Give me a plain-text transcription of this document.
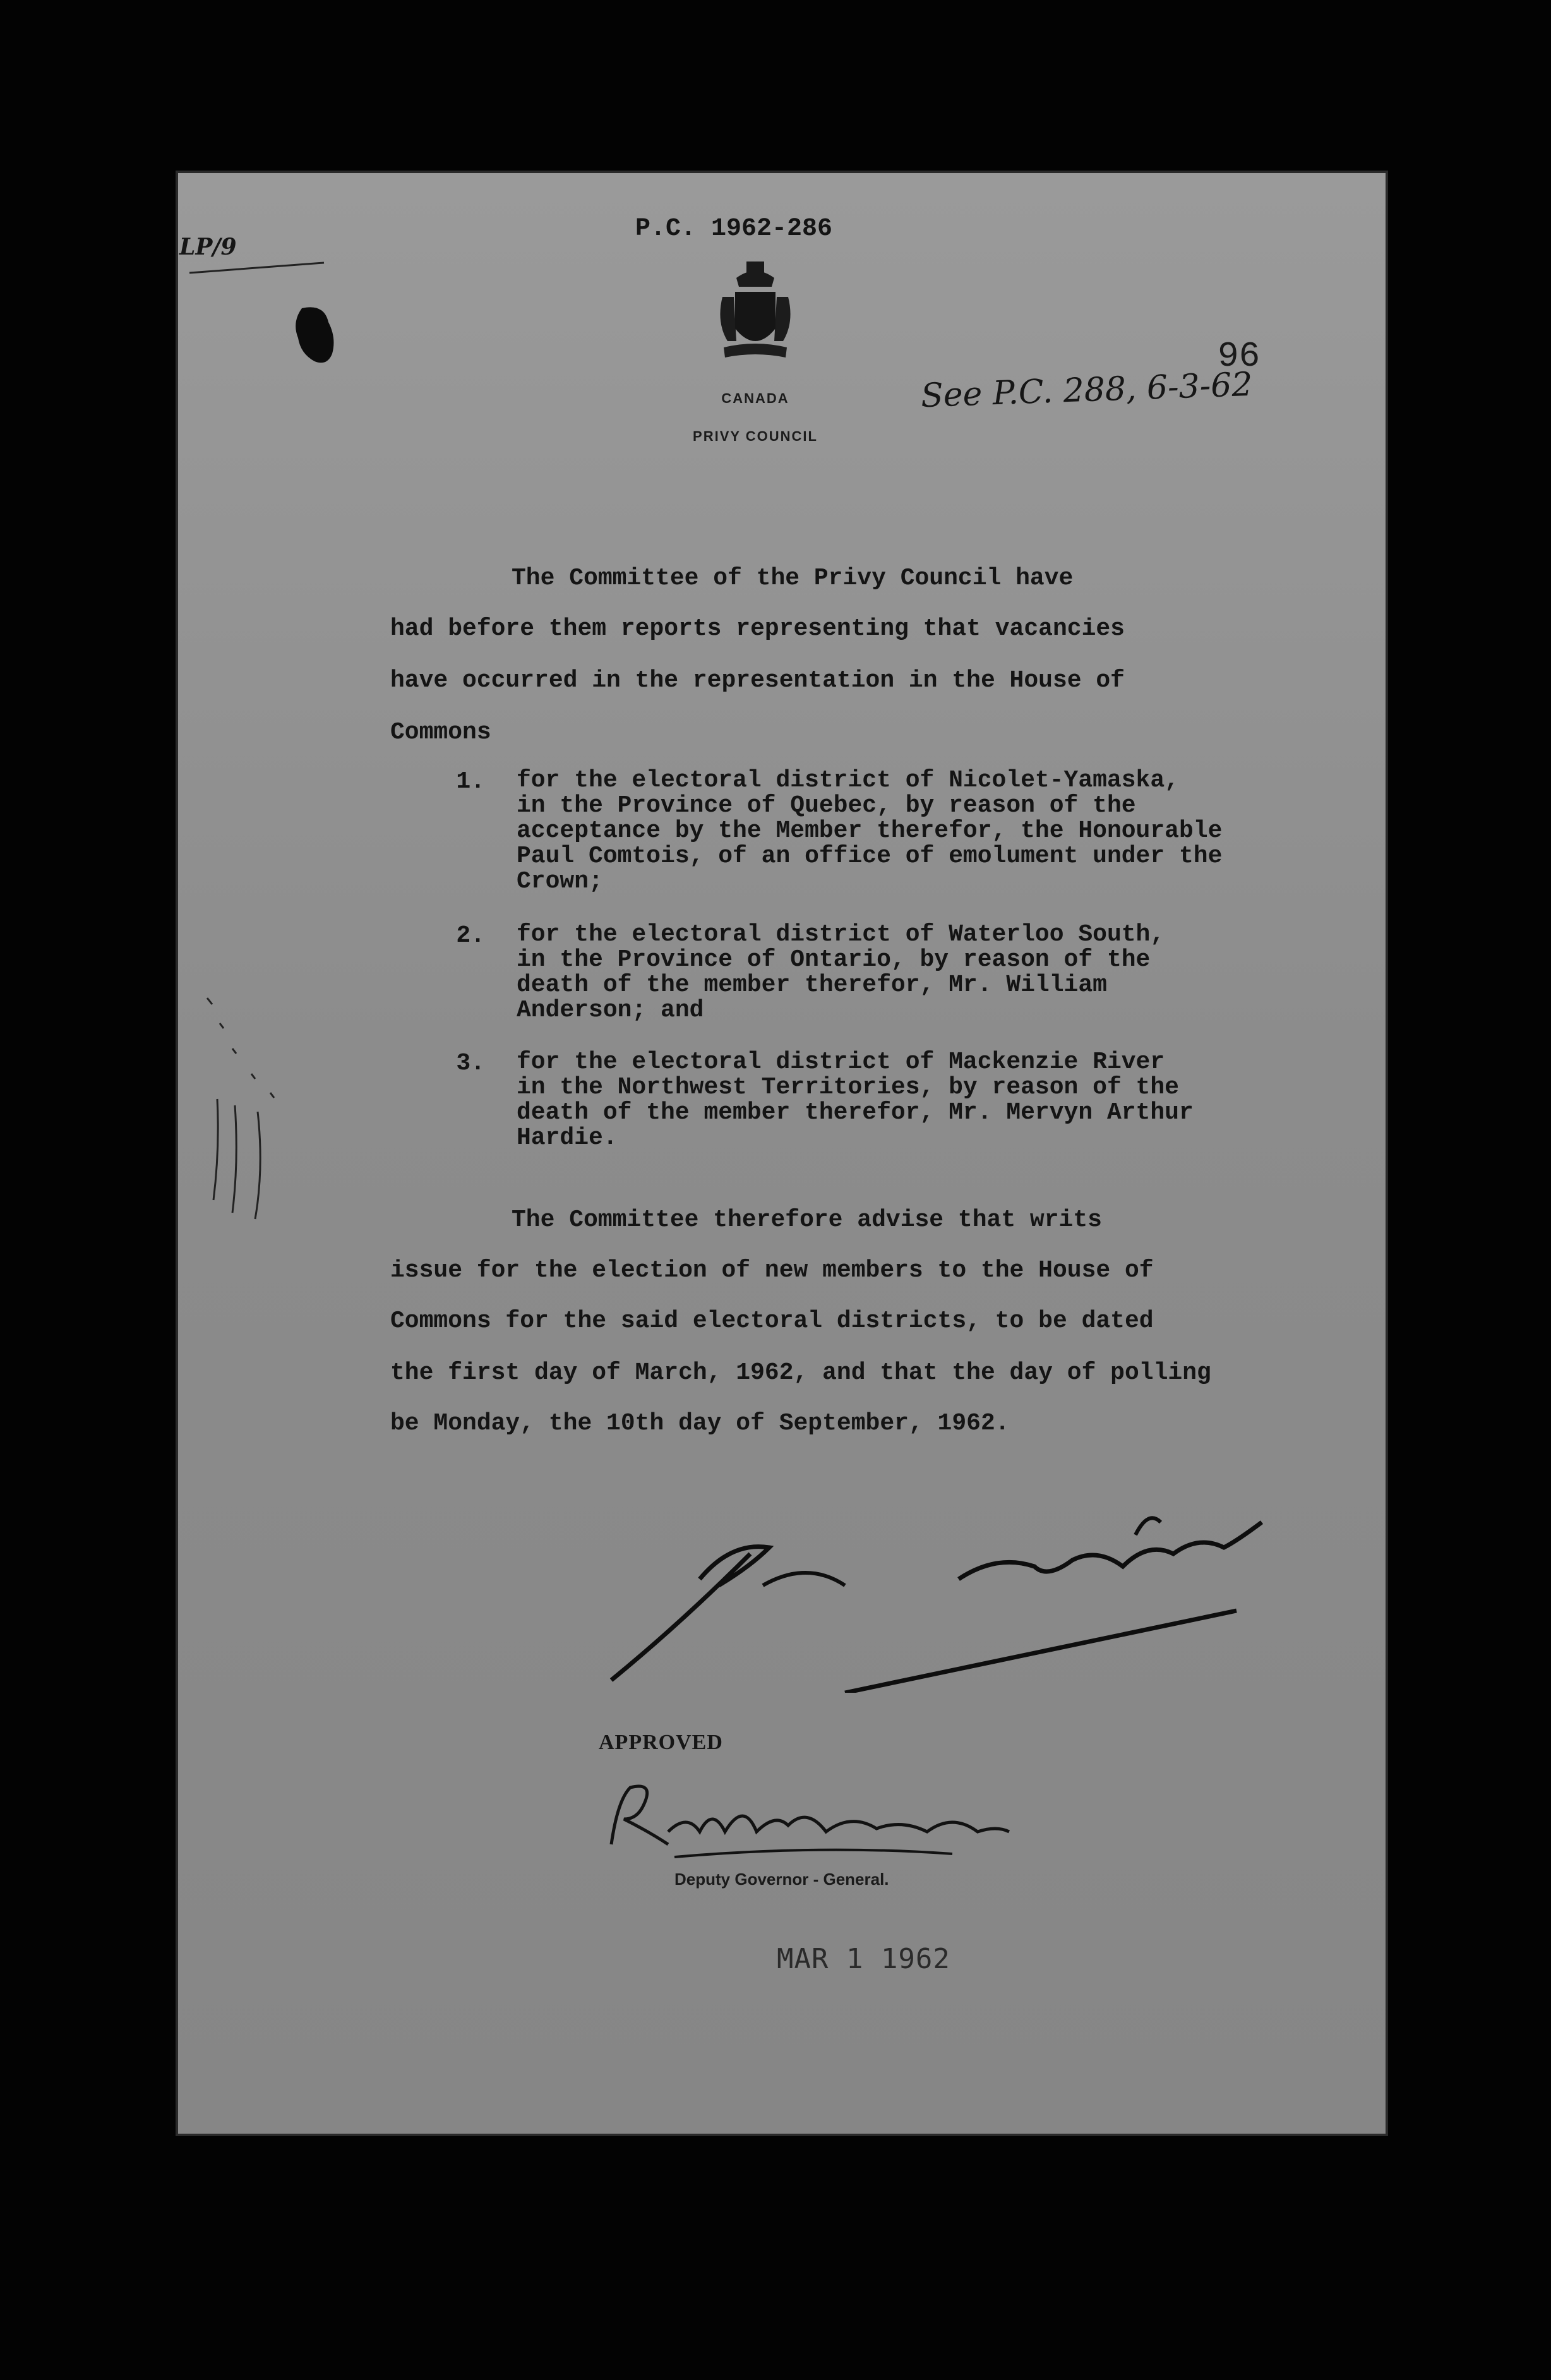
LP/9
P.C. 1962-286
CANADA
PRIVY COUNCIL
96
See P.C. 288, 6-3-62
The Committee of the Privy Council have
had before them reports representing that vacancies
have occurred in the representation in the House of
Commons
1. for the electoral district of Nicolet-Yamaska,
in the Province of Quebec, by reason of the
acceptance by the Member therefor, the Honourable
Paul Comtois, of an office of emolument under the
Crown;
2. for the electoral district of Waterloo South,
in the Province of Ontario, by reason of the
death of the member therefor, Mr. William
Anderson; and
3. for the electoral district of Mackenzie River
in the Northwest Territories, by reason of the
death of the member therefor, Mr. Mervyn Arthur
Hardie.
The Committee therefore advise that writs
issue for the election of new members to the House of
Commons for the said electoral districts, to be dated
the first day of March, 1962, and that the day of polling
be Monday, the 10th day of September, 1962.
APPROVED
Deputy Governor - General.
MAR 1 1962
